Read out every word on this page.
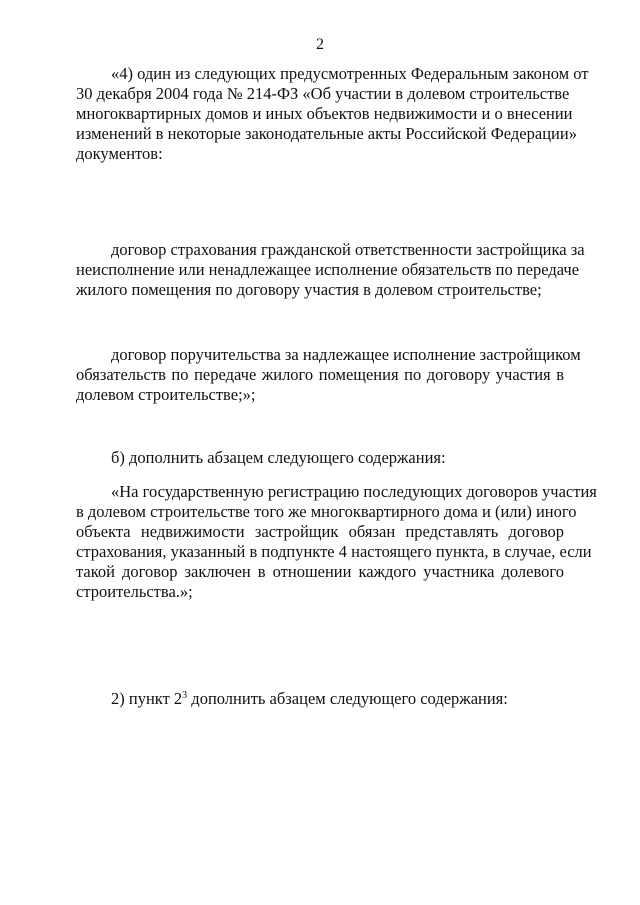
2
«4) один из следующих предусмотренных Федеральным законом от
30 декабря 2004 года № 214-ФЗ «Об участии в долевом строительстве
многоквартирных домов и иных объектов недвижимости и о внесении
изменений в некоторые законодательные акты Российской Федерации»
документов:
договор страхования гражданской ответственности застройщика за
неисполнение или ненадлежащее исполнение обязательств по передаче
жилого помещения по договору участия в долевом строительстве;
договор поручительства за надлежащее исполнение застройщиком
обязательств по передаче жилого помещения по договору участия в
долевом строительстве;»;
б) дополнить абзацем следующего содержания:
«На государственную регистрацию последующих договоров участия
в долевом строительстве того же многоквартирного дома и (или) иного
объекта недвижимости застройщик обязан представлять договор
страхования, указанный в подпункте 4 настоящего пункта, в случае, если
такой договор заключен в отношении каждого участника долевого
строительства.»;
2) пункт $2^3$ дополнить абзацем следующего содержания:
